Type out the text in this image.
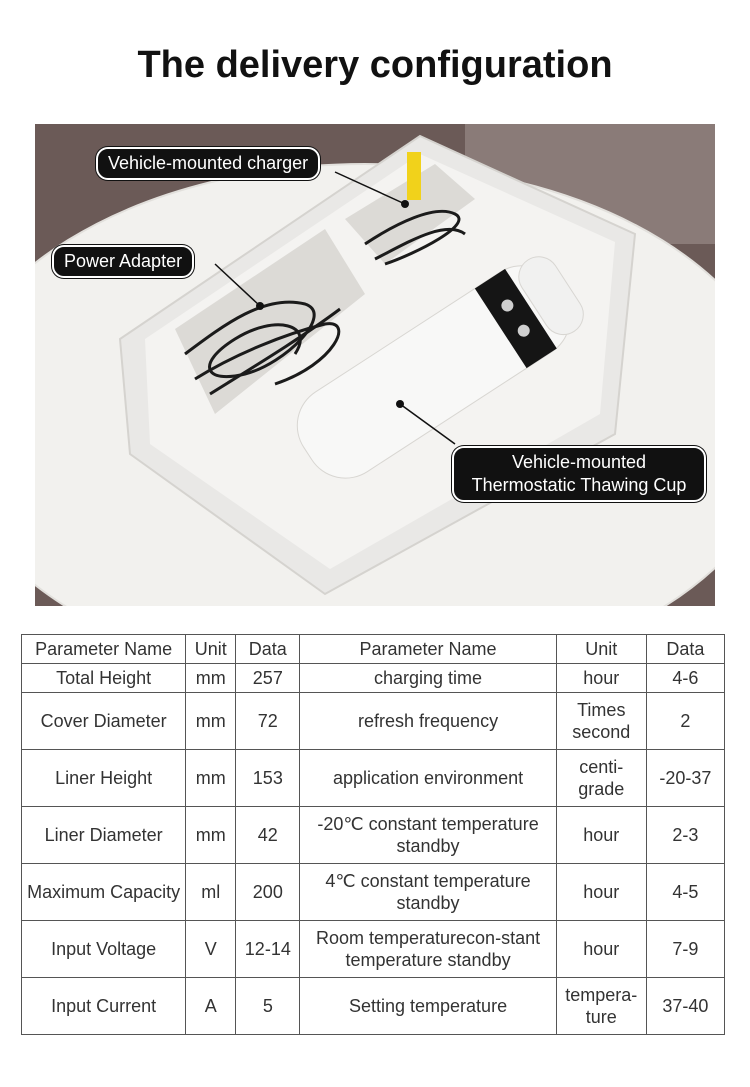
The delivery configuration
Vehicle-mounted charger
Power Adapter
Vehicle-mounted
Thermostatic Thawing Cup
Parameter Name	Unit	Data	Parameter Name	Unit	Data
Total Height	mm	257	charging time	hour	4-6
Cover Diameter	mm	72	refresh frequency	Times second	2
Liner Height	mm	153	application environment	centi-grade	-20-37
Liner Diameter	mm	42	-20℃ constant temperature standby	hour	2-3
Maximum Capacity	ml	200	4℃ constant temperature standby	hour	4-5
Input Voltage	V	12-14	Room temperaturecon-stant temperature standby	hour	7-9
Input Current	A	5	Setting temperature	tempera-ture	37-40
